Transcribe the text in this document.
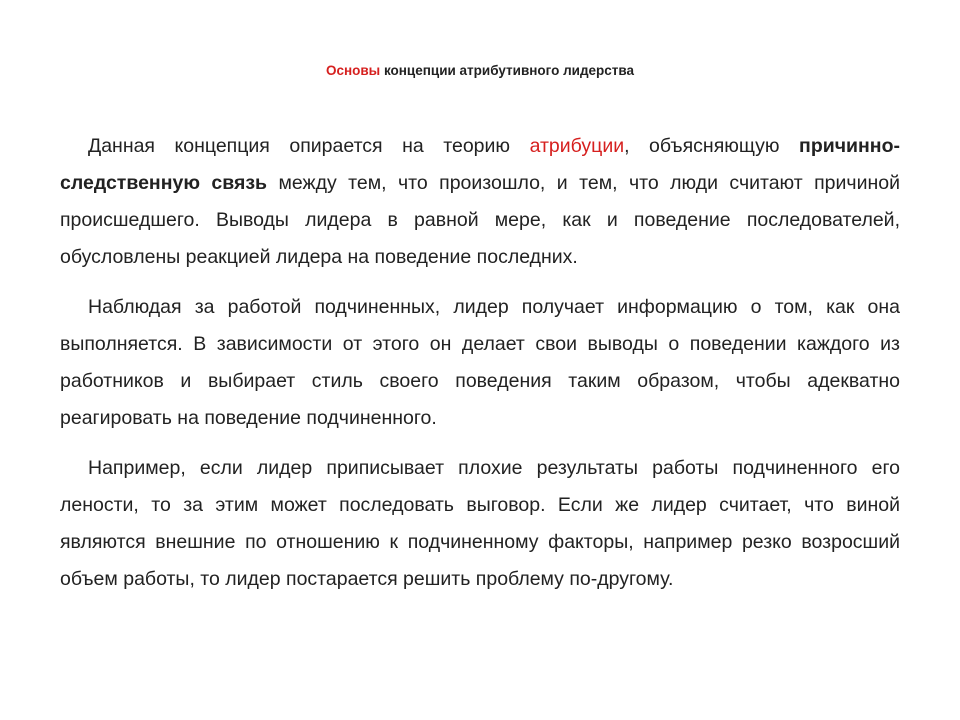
Основы концепции атрибутивного лидерства

Данная концепция опирается на теорию атрибуции, объясняющую причинно-следственную связь между тем, что произошло, и тем, что люди считают причиной происшедшего. Выводы лидера в равной мере, как и поведение последователей, обусловлены реакцией лидера на поведение последних.

Наблюдая за работой подчиненных, лидер получает информацию о том, как она выполняется. В зависимости от этого он делает свои выводы о поведении каждого из работников и выбирает стиль своего поведения таким образом, чтобы адекватно реагировать на поведение подчиненного.

Например, если лидер приписывает плохие результаты работы подчиненного его лености, то за этим может последовать выговор. Если же лидер считает, что виной являются внешние по отношению к подчиненному факторы, например резко возросший объем работы, то лидер постарается решить проблему по-другому.
